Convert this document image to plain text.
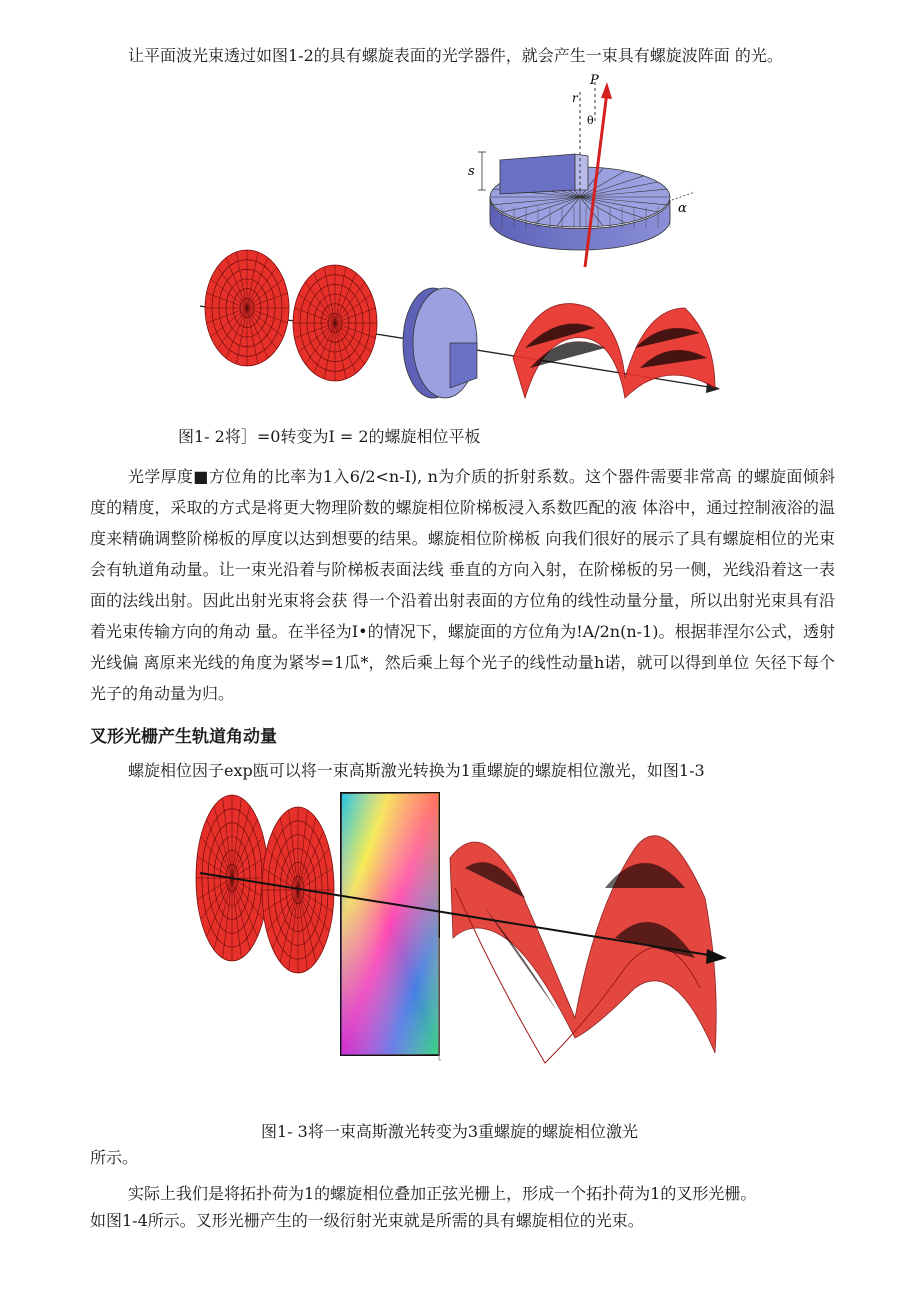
让平面波光束透过如图1-2的具有螺旋表面的光学器件，就会产生一束具有螺旋波阵面 的光。
P
r
θ
s
α
图1- 2将］=0转变为I = 2的螺旋相位平板
光学厚度■方位角的比率为1入6/2<n-I), n为介质的折射系数。这个器件需要非常高 的螺旋面倾斜度的精度，采取的方式是将更大物理阶数的螺旋相位阶梯板浸入系数匹配的液 体浴中，通过控制液浴的温度来精确调整阶梯板的厚度以达到想要的结果。螺旋相位阶梯板 向我们很好的展示了具有螺旋相位的光束会有轨道角动量。让一束光沿着与阶梯板表面法线 垂直的方向入射，在阶梯板的另一侧，光线沿着这一表面的法线出射。因此出射光束将会获 得一个沿着出射表面的方位角的线性动量分量，所以出射光束具有沿着光束传输方向的角动 量。在半径为I•的情况下，螺旋面的方位角为!A/2n(n-1)。根据菲涅尔公式，透射光线偏 离原来光线的角度为紧岑=1瓜*，然后乘上每个光子的线性动量h诺，就可以得到单位 矢径下每个光子的角动量为归。
叉形光栅产生轨道角动量
螺旋相位因子exp瓯可以将一束高斯激光转换为1重螺旋的螺旋相位激光，如图1-3
图1- 3将一束高斯激光转变为3重螺旋的螺旋相位激光
所示。
实际上我们是将拓扑荷为1的螺旋相位叠加正弦光栅上，形成一个拓扑荷为1的叉形光栅。
如图1-4所示。叉形光栅产生的一级衍射光束就是所需的具有螺旋相位的光束。
